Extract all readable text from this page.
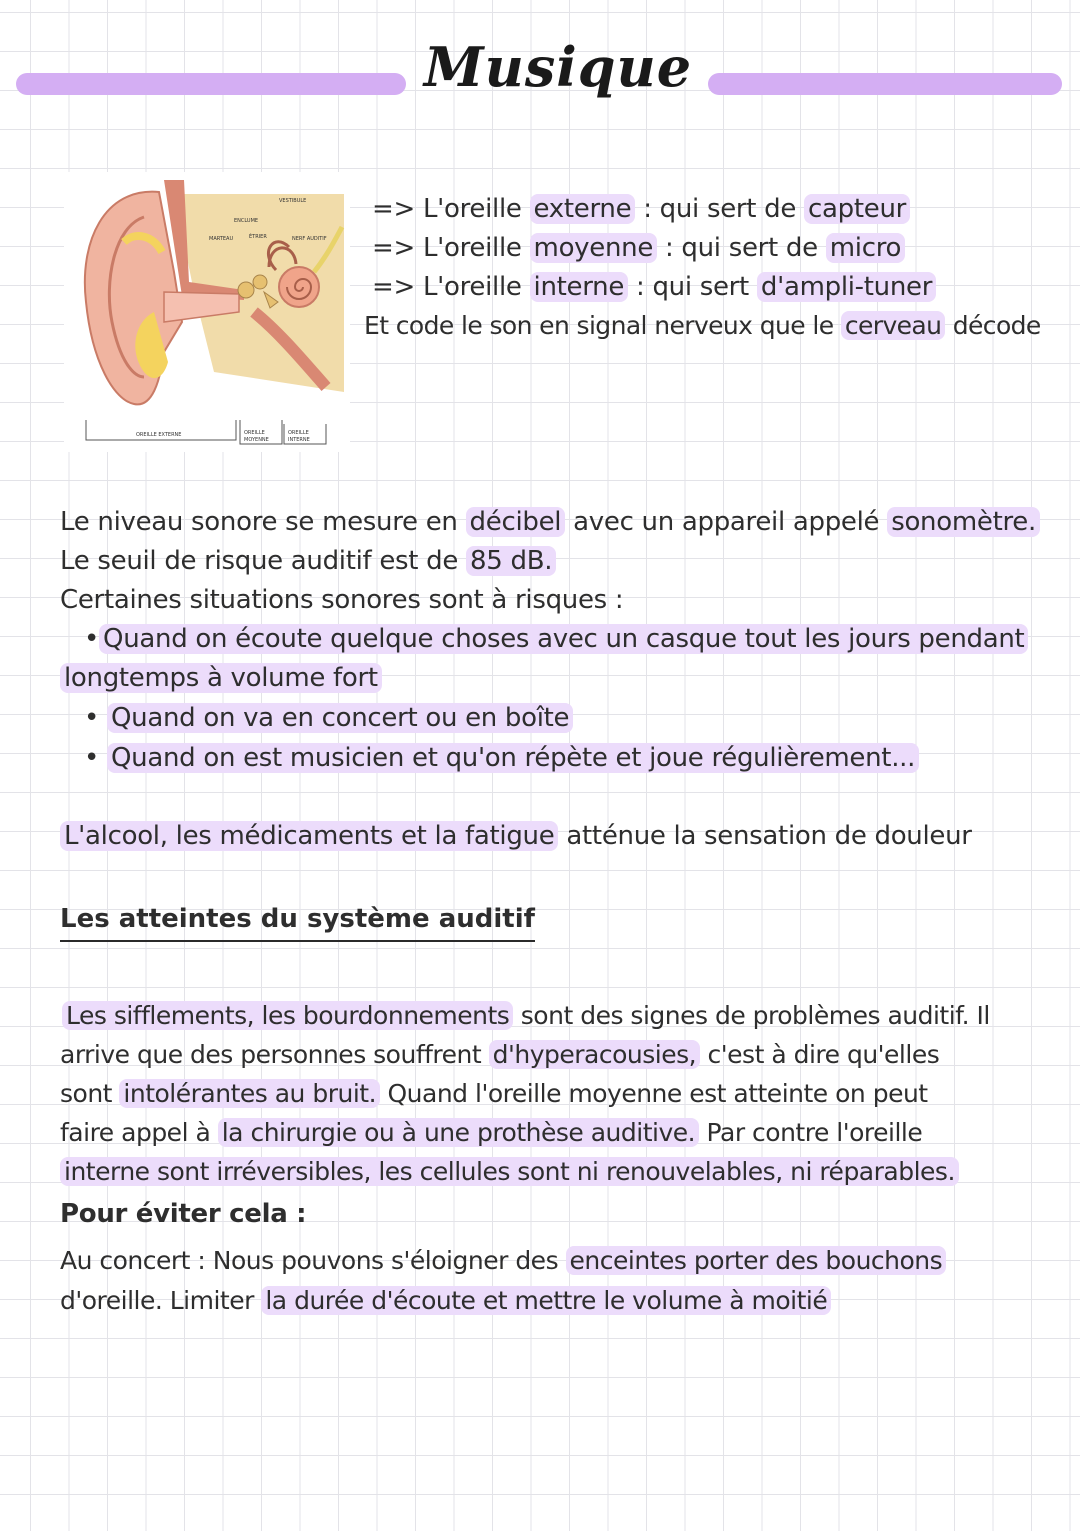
Musique
VESTIBULE
ENCLUME
MARTEAU	ÉTRIER	NERF AUDITIF
OREILLE EXTERNE	OREILLE
MOYENNE
OREILLE
INTERNE
=> L'oreille externe : qui sert de capteur
=> L'oreille moyenne : qui sert de micro
=> L'oreille interne : qui sert d'ampli-tuner
Et code le son en signal nerveux que le cerveau décode
Le niveau sonore se mesure en décibel avec un appareil appelé sonomètre.
Le seuil de risque auditif est de 85 dB.
Certaines situations sonores sont à risques :
• Quand on écoute quelque choses avec un casque tout les jours pendant
longtemps à volume fort
• Quand on va en concert ou en boîte
• Quand on est musicien et qu'on répète et joue régulièrement...
L'alcool, les médicaments et la fatigue atténue la sensation de douleur
Les atteintes du système auditif
Les sifflements, les bourdonnements sont des signes de problèmes auditif. Il
arrive que des personnes souffrent d'hyperacousies, c'est à dire qu'elles
sont intolérantes au bruit. Quand l'oreille moyenne est atteinte on peut
faire appel à la chirurgie ou à une prothèse auditive. Par contre l'oreille
interne sont irréversibles, les cellules sont ni renouvelables, ni réparables.
Pour éviter cela :
Au concert : Nous pouvons s'éloigner des enceintes porter des bouchons
d'oreille. Limiter la durée d'écoute et mettre le volume à moitié
